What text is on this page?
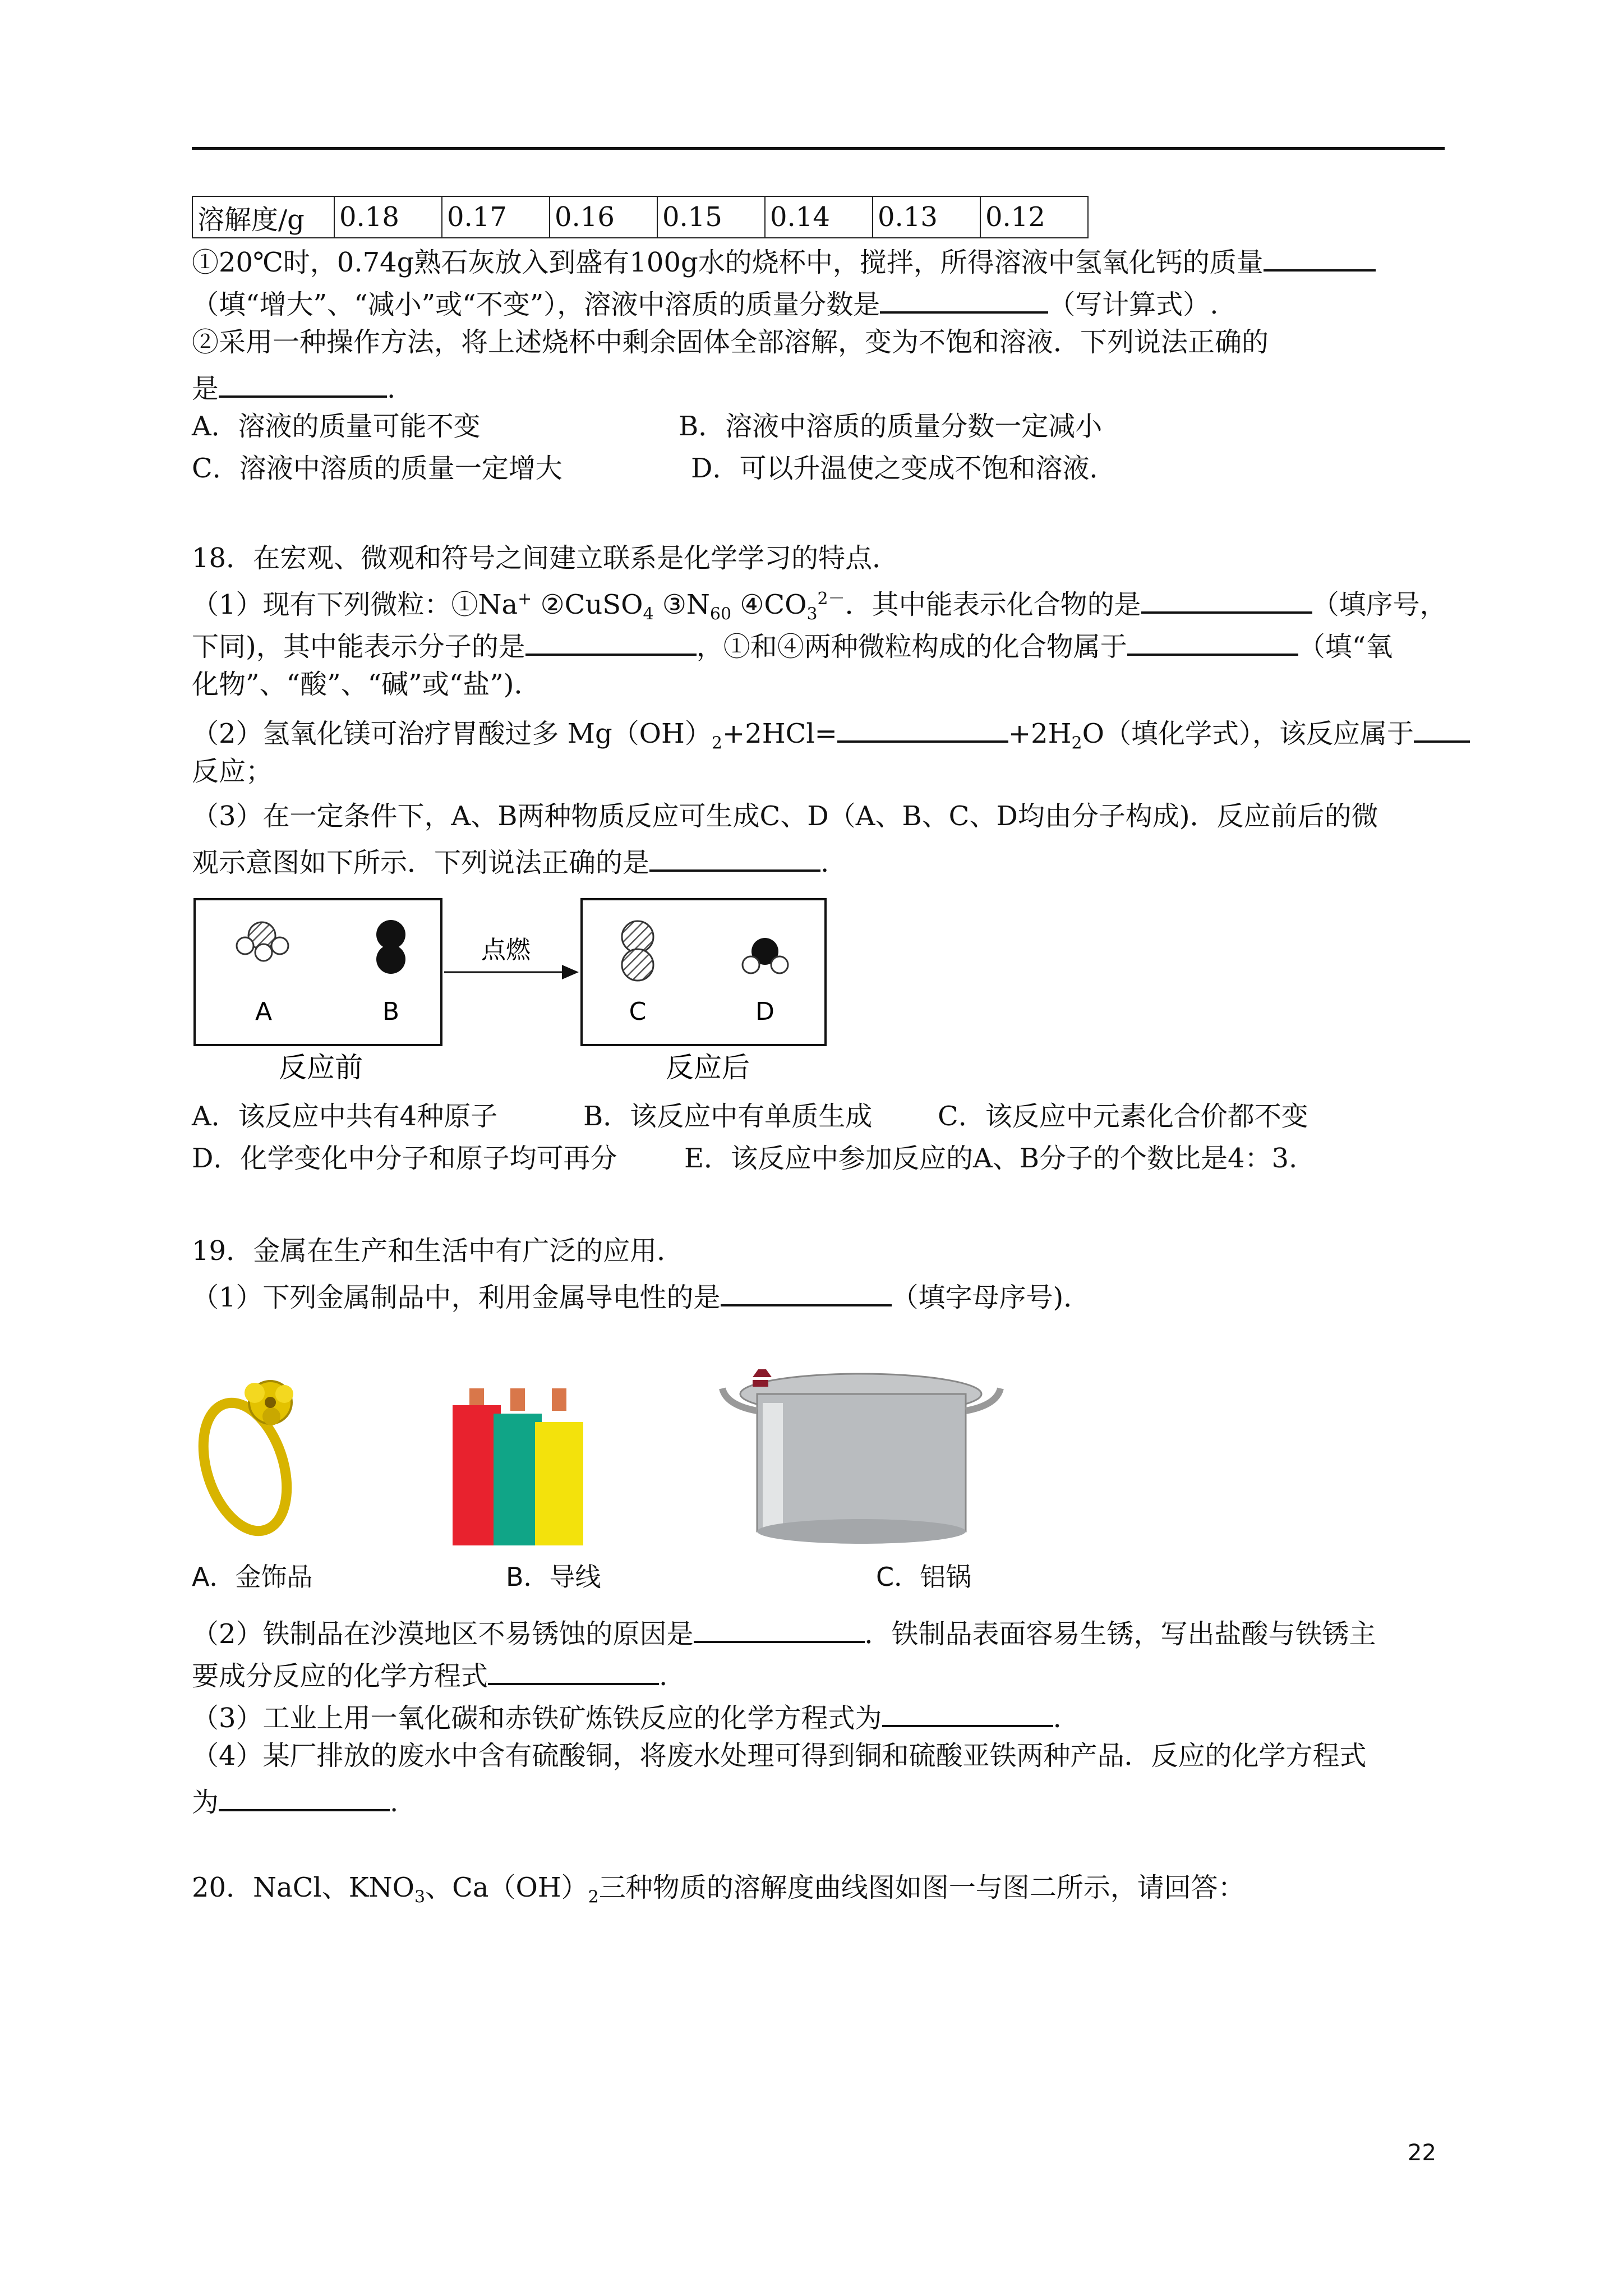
溶解度/g	0.18	0.17	0.16	0.15	0.14	0.13	0.12
①20℃时，0.74g熟石灰放入到盛有100g水的烧杯中，搅拌，所得溶液中氢氧化钙的质量
（填“增大”、“减小”或“不变”），溶液中溶质的质量分数是	（写计算式）.
②采用一种操作方法，将上述烧杯中剩余固体全部溶解，变为不饱和溶液．下列说法正确的
是	.
A．溶液的质量可能不变	B．溶液中溶质的质量分数一定减小
C．溶液中溶质的质量一定增大	D．可以升温使之变成不饱和溶液．
18．在宏观、微观和符号之间建立联系是化学学习的特点．
（1）现有下列微粒：①Na+ ②CuSO$_4$ $③N_{60}$ $④CO_3^{2-}$．其中能表示化合物的是	（填序号，
下同)，其中能表示分子的是	，①和④两种微粒构成的化合物属于	（填“氧
化物”、“酸”、“碱”或“盐”)．
（2）氢氧化镁可治疗胃酸过多 $Mg(OH)_2+2HCl=$	$+2H_2O$（填化学式），该反应属于
反应；
（3）在一定条件下，A、B两种物质反应可生成C、D（A、B、C、D均由分子构成)．反应前后的微
观示意图如下所示．下列说法正确的是	.
A	B
点燃
C	D
反应前	反应后
A．该反应中共有4种原子	B．该反应中有单质生成 C．该反应中元素化合价都不变
D．化学变化中分子和原子均可再分 E．该反应中参加反应的A、B分子的个数比是4：3.
19．金属在生产和生活中有广泛的应用．
（1）下列金属制品中，利用金属导电性的是	（填字母序号)．
A．金饰品	B．导线	C．铝锅
（2）铁制品在沙漠地区不易锈蚀的原因是	．铁制品表面容易生锈，写出盐酸与铁锈主
要成分反应的化学方程式	.
（3）工业上用一氧化碳和赤铁矿炼铁反应的化学方程式为	.
（4）某厂排放的废水中含有硫酸铜，将废水处理可得到铜和硫酸亚铁两种产品．反应的化学方程式
为	.
20．NaCl、$KNO_3$、$Ca(OH)_2$三种物质的溶解度曲线图如图一与图二所示，请回答：
22
